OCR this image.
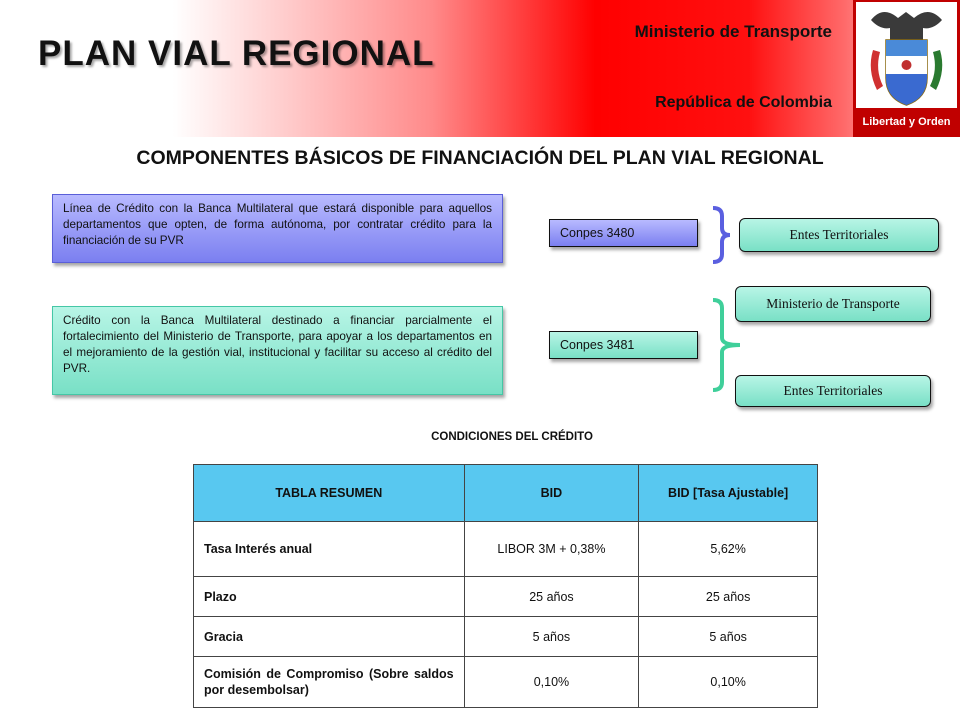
PLAN VIAL REGIONAL
Ministerio de Transporte
República de Colombia
Libertad y Orden
COMPONENTES BÁSICOS DE FINANCIACIÓN DEL PLAN VIAL REGIONAL
Línea de Crédito con la Banca Multilateral que estará disponible para aquellos departamentos que opten, de forma autónoma, por contratar crédito para la financiación de su PVR
Conpes 3480	Entes Territoriales
Crédito con la Banca Multilateral destinado a financiar parcialmente el fortalecimiento del Ministerio de Transporte, para apoyar a los departamentos en el mejoramiento de la gestión vial, institucional y facilitar su acceso al crédito del PVR.
Conpes 3481
Ministerio de Transporte
Entes Territoriales
CONDICIONES DEL CRÉDITO
TABLA RESUMEN	BID	BID [Tasa Ajustable]
Tasa Interés anual	LIBOR 3M + 0,38%	5,62%
Plazo	25 años	25 años
Gracia	5 años	5 años
Comisión de Compromiso (Sobre saldos por desembolsar)	0,10%	0,10%
